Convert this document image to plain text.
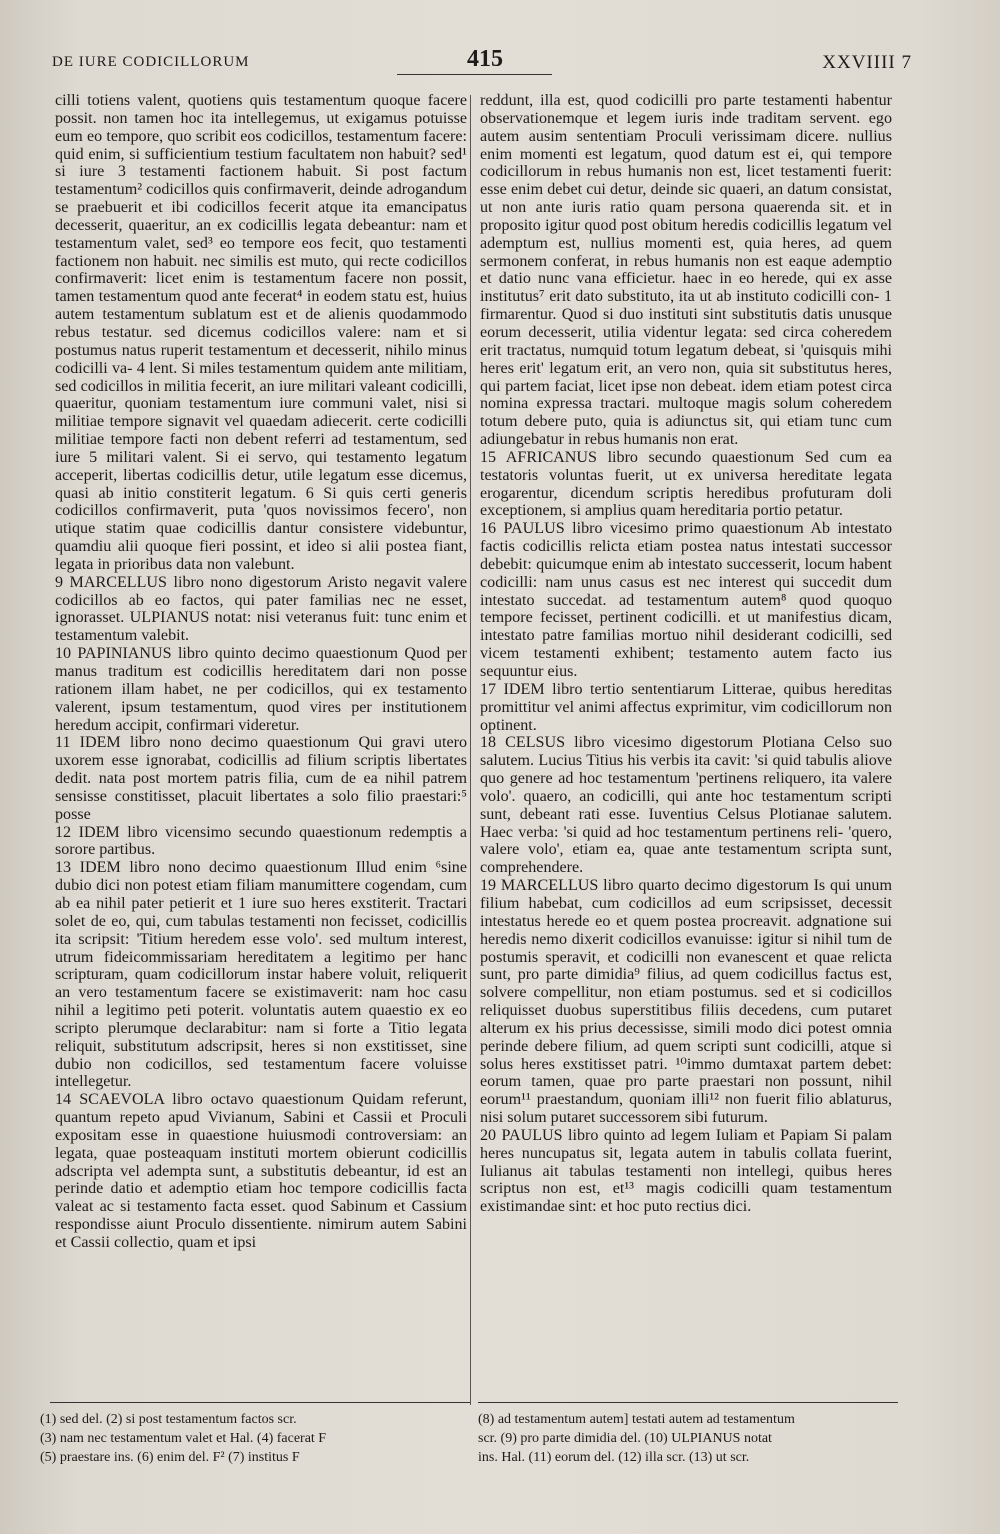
DE IURE CODICILLORUM	415	XXVIIII 7

cilli totiens valent, quotiens quis testamentum quoque facere possit. non tamen hoc ita intellegemus, ut exigamus potuisse eum eo tempore, quo scribit eos codicillos, testamentum facere: quid enim, si sufficientium testium facultatem non habuit? sed¹ si iure 3 testamenti factionem habuit. Si post factum testamentum² codicillos quis confirmaverit, deinde adrogandum se praebuerit et ibi codicillos fecerit atque ita emancipatus decesserit, quaeritur, an ex codicillis legata debeantur: nam et testamentum valet, sed³ eo tempore eos fecit, quo testamenti factionem non habuit. nec similis est muto, qui recte codicillos confirmaverit: licet enim is testamentum facere non possit, tamen testamentum quod ante fecerat⁴ in eodem statu est, huius autem testamentum sublatum est et de alienis quodammodo rebus testatur. sed dicemus codicillos valere: nam et si postumus natus ruperit testamentum et decesserit, nihilo minus codicilli va- 4 lent. Si miles testamentum quidem ante militiam, sed codicillos in militia fecerit, an iure militari valeant codicilli, quaeritur, quoniam testamentum iure communi valet, nisi si militiae tempore signavit vel quaedam adiecerit. certe codicilli militiae tempore facti non debent referri ad testamentum, sed iure 5 militari valent. Si ei servo, qui testamento legatum acceperit, libertas codicillis detur, utile legatum esse dicemus, quasi ab initio constiterit legatum. 6 Si quis certi generis codicillos confirmaverit, puta 'quos novissimos fecero', non utique statim quae codicillis dantur consistere videbuntur, quamdiu alii quoque fieri possint, et ideo si alii postea fiant, legata in prioribus data non valebunt.

9 MARCELLUS libro nono digestorum Aristo negavit valere codicillos ab eo factos, qui pater familias nec ne esset, ignorasset. ULPIANUS notat: nisi veteranus fuit: tunc enim et testamentum valebit.

10 PAPINIANUS libro quinto decimo quaestionum Quod per manus traditum est codicillis hereditatem dari non posse rationem illam habet, ne per codicillos, qui ex testamento valerent, ipsum testamentum, quod vires per institutionem heredum accipit, confirmari videretur.

11 IDEM libro nono decimo quaestionum Qui gravi utero uxorem esse ignorabat, codicillis ad filium scriptis libertates dedit. nata post mortem patris filia, cum de ea nihil patrem sensisse constitisset, placuit libertates a solo filio praestari:⁵ posse

12 IDEM libro vicensimo secundo quaestionum redemptis a sorore partibus.

13 IDEM libro nono decimo quaestionum Illud enim ⁶sine dubio dici non potest etiam filiam manumittere cogendam, cum ab ea nihil pater petierit et 1 iure suo heres exstiterit. Tractari solet de eo, qui, cum tabulas testamenti non fecisset, codicillis ita scripsit: 'Titium heredem esse volo'. sed multum interest, utrum fideicommissariam hereditatem a legitimo per hanc scripturam, quam codicillorum instar habere voluit, reliquerit an vero testamentum facere se existimaverit: nam hoc casu nihil a legitimo peti poterit. voluntatis autem quaestio ex eo scripto plerumque declarabitur: nam si forte a Titio legata reliquit, substitutum adscripsit, heres si non exstitisset, sine dubio non codicillos, sed testamentum facere voluisse intellegetur.

14 SCAEVOLA libro octavo quaestionum Quidam referunt, quantum repeto apud Vivianum, Sabini et Cassii et Proculi expositam esse in quaestione huiusmodi controversiam: an legata, quae posteaquam instituti mortem obierunt codicillis adscripta vel adempta sunt, a substitutis debeantur, id est an perinde datio et ademptio etiam hoc tempore codicillis facta valeat ac si testamento facta esset. quod Sabinum et Cassium respondisse aiunt Proculo dissentiente. nimirum autem Sabini et Cassii collectio, quam et ipsi

reddunt, illa est, quod codicilli pro parte testamenti habentur observationemque et legem iuris inde traditam servent. ego autem ausim sententiam Proculi verissimam dicere. nullius enim momenti est legatum, quod datum est ei, qui tempore codicillorum in rebus humanis non est, licet testamenti fuerit: esse enim debet cui detur, deinde sic quaeri, an datum consistat, ut non ante iuris ratio quam persona quaerenda sit. et in proposito igitur quod post obitum heredis codicillis legatum vel ademptum est, nullius momenti est, quia heres, ad quem sermonem conferat, in rebus humanis non est eaque ademptio et datio nunc vana efficietur. haec in eo herede, qui ex asse institutus⁷ erit dato substituto, ita ut ab instituto codicilli con- 1 firmarentur. Quod si duo instituti sint substitutis datis unusque eorum decesserit, utilia videntur legata: sed circa coheredem erit tractatus, numquid totum legatum debeat, si 'quisquis mihi heres erit' legatum erit, an vero non, quia sit substitutus heres, qui partem faciat, licet ipse non debeat. idem etiam potest circa nomina expressa tractari. multoque magis solum coheredem totum debere puto, quia is adiunctus sit, qui etiam tunc cum adiungebatur in rebus humanis non erat.

15 AFRICANUS libro secundo quaestionum Sed cum ea testatoris voluntas fuerit, ut ex universa hereditate legata erogarentur, dicendum scriptis heredibus profuturam doli exceptionem, si amplius quam hereditaria portio petatur.

16 PAULUS libro vicesimo primo quaestionum Ab intestato factis codicillis relicta etiam postea natus intestati successor debebit: quicumque enim ab intestato successerit, locum habent codicilli: nam unus casus est nec interest qui succedit dum intestato succedat. ad testamentum autem⁸ quod quoquo tempore fecisset, pertinent codicilli. et ut manifestius dicam, intestato patre familias mortuo nihil desiderant codicilli, sed vicem testamenti exhibent; testamento autem facto ius sequuntur eius.

17 IDEM libro tertio sententiarum Litterae, quibus hereditas promittitur vel animi affectus exprimitur, vim codicillorum non optinent.

18 CELSUS libro vicesimo digestorum Plotiana Celso suo salutem. Lucius Titius his verbis ita cavit: 'si quid tabulis aliove quo genere ad hoc testamentum 'pertinens reliquero, ita valere volo'. quaero, an codicilli, qui ante hoc testamentum scripti sunt, debeant rati esse. Iuventius Celsus Plotianae salutem. Haec verba: 'si quid ad hoc testamentum pertinens reli- 'quero, valere volo', etiam ea, quae ante testamentum scripta sunt, comprehendere.

19 MARCELLUS libro quarto decimo digestorum Is qui unum filium habebat, cum codicillos ad eum scripsisset, decessit intestatus herede eo et quem postea procreavit. adgnatione sui heredis nemo dixerit codicillos evanuisse: igitur si nihil tum de postumis speravit, et codicilli non evanescent et quae relicta sunt, pro parte dimidia⁹ filius, ad quem codicillus factus est, solvere compellitur, non etiam postumus. sed et si codicillos reliquisset duobus superstitibus filiis decedens, cum putaret alterum ex his prius decessisse, simili modo dici potest omnia perinde debere filium, ad quem scripti sunt codicilli, atque si solus heres exstitisset patri. ¹⁰immo dumtaxat partem debet: eorum tamen, quae pro parte praestari non possunt, nihil eorum¹¹ praestandum, quoniam illi¹² non fuerit filio ablaturus, nisi solum putaret successorem sibi futurum.

20 PAULUS libro quinto ad legem Iuliam et Papiam Si palam heres nuncupatus sit, legata autem in tabulis collata fuerint, Iulianus ait tabulas testamenti non intellegi, quibus heres scriptus non est, et¹³ magis codicilli quam testamentum existimandae sint: et hoc puto rectius dici.

(1) sed del. (2) si post testamentum factos scr.

(3) nam nec testamentum valet et Hal. (4) facerat F

(5) praestare ins. (6) enim del. F² (7) institus F

(8) ad testamentum autem] testati autem ad testamentum

scr. (9) pro parte dimidia del. (10) ULPIANUS notat

ins. Hal. (11) eorum del. (12) illa scr. (13) ut scr.
